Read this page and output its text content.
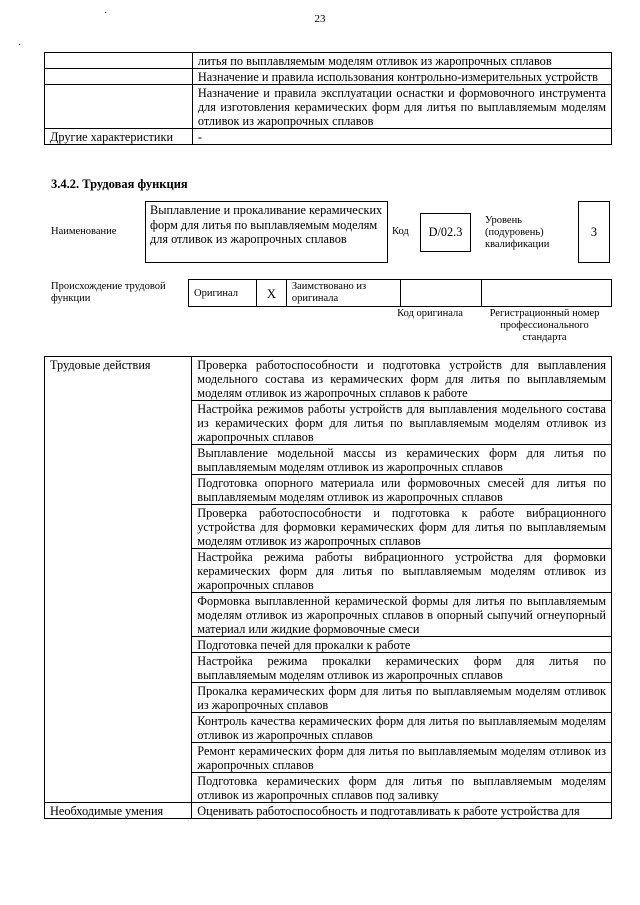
23
·
·
	литья по выплавляемым моделям отливок из жаропрочных сплавов
	Назначение и правила использования контрольно-измерительных устройств
	Назначение и правила эксплуатации оснастки и формовочного инструмента для изготовления керамических форм для литья по выплавляемым моделям отливок из жаропрочных сплавов
Другие характеристики	-
3.4.2. Трудовая функция
Наименование
Выплавление и прокаливание керамических форм для литья по выплавляемым моделям для отливок из жаропрочных сплавов
Код	D/02.3
Уровень (подуровень) квалификации
3
Происхождение трудовой функции	Оригинал	X	Заимствовано из оригинала		
Код оригинала	Регистрационный номер профессионального стандарта
Трудовые действия	Проверка работоспособности и подготовка устройств для выплавления модельного состава из керамических форм для литья по выплавляемым моделям отливок из жаропрочных сплавов к работе
	Настройка режимов работы устройств для выплавления модельного состава из керамических форм для литья по выплавляемым моделям отливок из жаропрочных сплавов
	Выплавление модельной массы из керамических форм для литья по выплавляемым моделям отливок из жаропрочных сплавов
	Подготовка опорного материала или формовочных смесей для литья по выплавляемым моделям отливок из жаропрочных сплавов
	Проверка работоспособности и подготовка к работе вибрационного устройства для формовки керамических форм для литья по выплавляемым моделям отливок из жаропрочных сплавов
	Настройка режима работы вибрационного устройства для формовки керамических форм для литья по выплавляемым моделям отливок из жаропрочных сплавов
	Формовка выплавленной керамической формы для литья по выплавляемым моделям отливок из жаропрочных сплавов в опорный сыпучий огнеупорный материал или жидкие формовочные смеси
	Подготовка печей для прокалки к работе
	Настройка режима прокалки керамических форм для литья по выплавляемым моделям отливок из жаропрочных сплавов
	Прокалка керамических форм для литья по выплавляемым моделям отливок из жаропрочных сплавов
	Контроль качества керамических форм для литья по выплавляемым моделям отливок из жаропрочных сплавов
	Ремонт керамических форм для литья по выплавляемым моделям отливок из жаропрочных сплавов
	Подготовка керамических форм для литья по выплавляемым моделям отливок из жаропрочных сплавов под заливку
Необходимые умения	Оценивать работоспособность и подготавливать к работе устройства для
